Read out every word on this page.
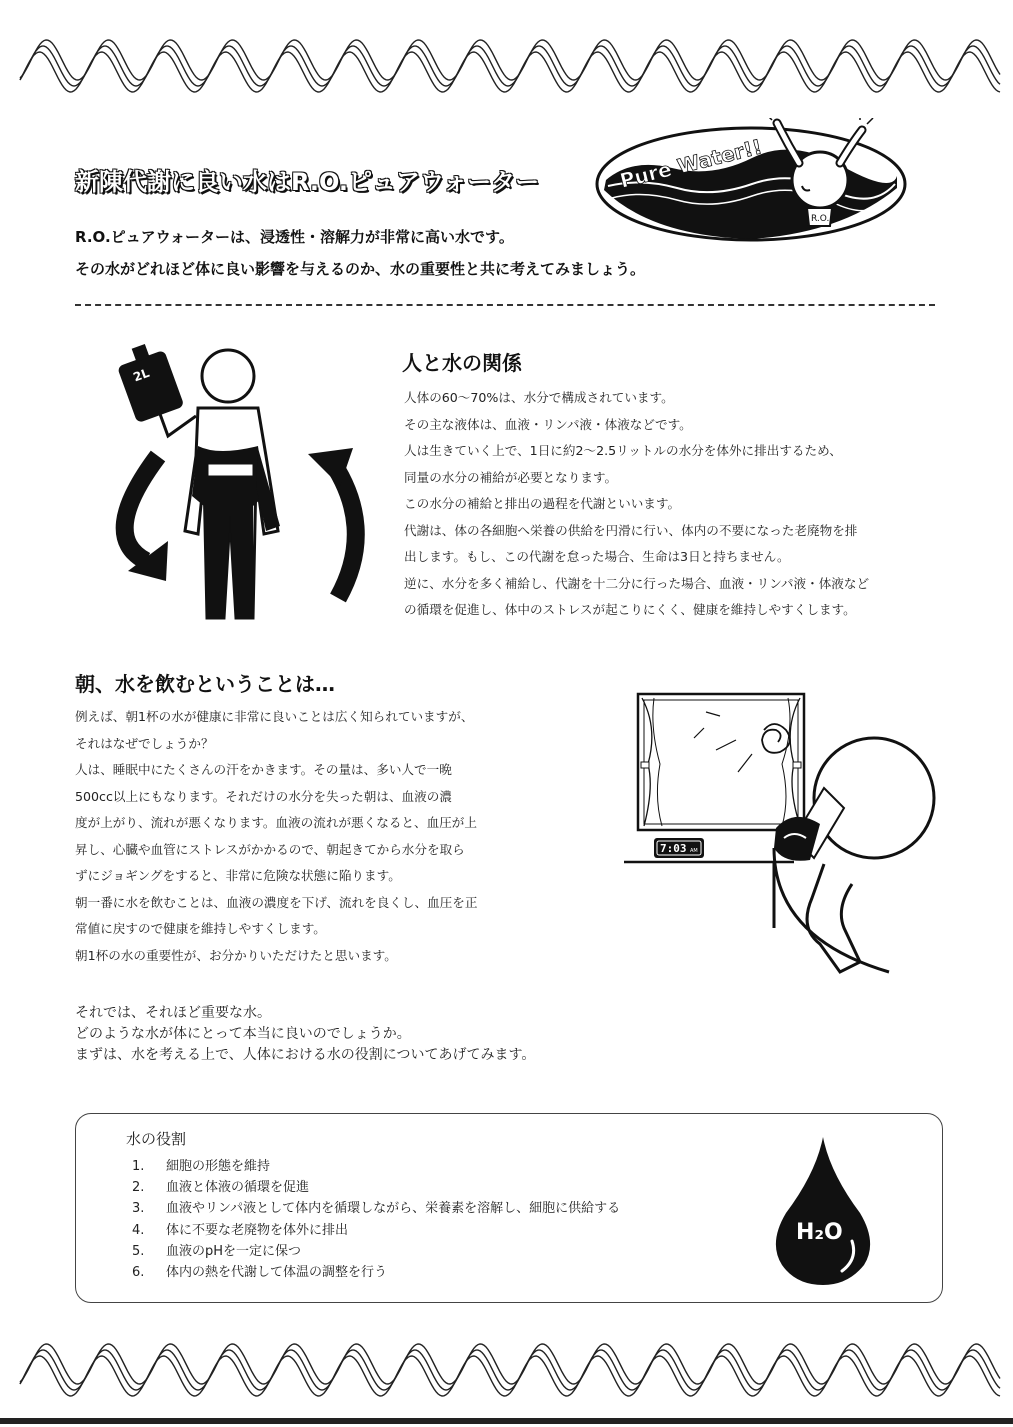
新陳代謝に良い水はR.O.ピュアウォーター	Pure Water!!
R.O.
R.O.ピュアウォーターは、浸透性・溶解力が非常に高い水です。
その水がどれほど体に良い影響を与えるのか、水の重要性と共に考えてみましょう。
2L
人と水の関係

人体の60～70%は、水分で構成されています。

その主な液体は、血液・リンパ液・体液などです。

人は生きていく上で、1日に約2～2.5リットルの水分を体外に排出するため、

同量の水分の補給が必要となります。

この水分の補給と排出の過程を代謝といいます。

代謝は、体の各細胞へ栄養の供給を円滑に行い、体内の不要になった老廃物を排

出します。もし、この代謝を怠った場合、生命は3日と持ちません。

逆に、水分を多く補給し、代謝を十二分に行った場合、血液・リンパ液・体液など

の循環を促進し、体中のストレスが起こりにくく、健康を維持しやすくします。

朝、水を飲むということは…

例えば、朝1杯の水が健康に非常に良いことは広く知られていますが、

それはなぜでしょうか？

人は、睡眠中にたくさんの汗をかきます。その量は、多い人で一晩

500cc以上にもなります。それだけの水分を失った朝は、血液の濃

度が上がり、流れが悪くなります。血液の流れが悪くなると、血圧が上

昇し、心臓や血管にストレスがかかるので、朝起きてから水分を取ら

ずにジョギングをすると、非常に危険な状態に陥ります。

朝一番に水を飲むことは、血液の濃度を下げ、流れを良くし、血圧を正

常値に戻すので健康を維持しやすくします。

朝1杯の水の重要性が、お分かりいただけたと思います。

7:03 AM

それでは、それほど重要な水。

どのような水が体にとって本当に良いのでしょうか。

まずは、水を考える上で、人体における水の役割についてあげてみます。

水の役割
1. 細胞の形態を維持
2. 血液と体液の循環を促進
3. 血液やリンパ液として体内を循環しながら、栄養素を溶解し、細胞に供給する
4. 体に不要な老廃物を体外に排出
5. 血液のpHを一定に保つ
6. 体内の熱を代謝して体温の調整を行う
H₂O
